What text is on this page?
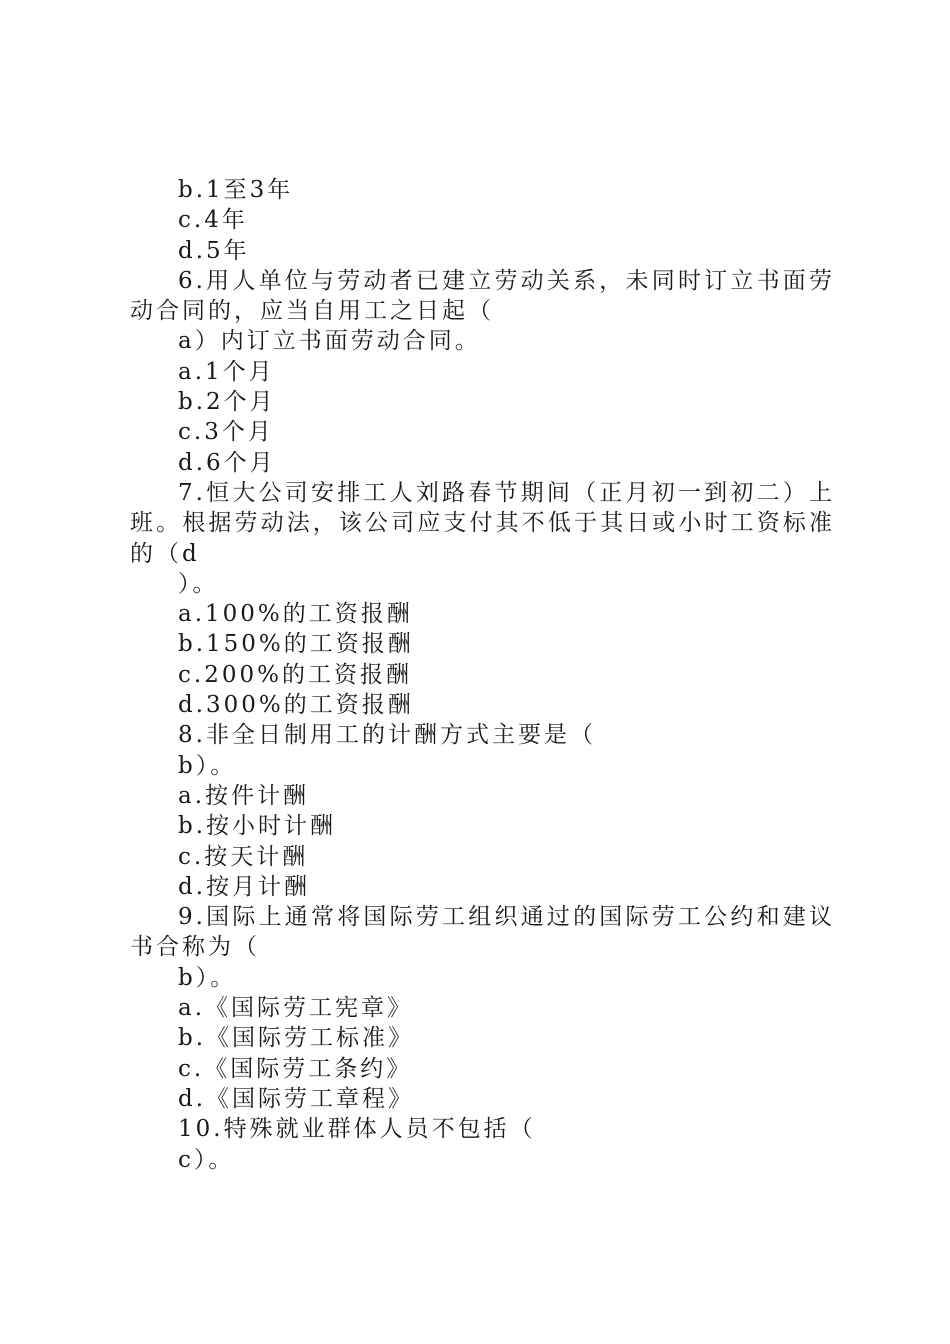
b.1至3年
c.4年
d.5年
6.用人单位与劳动者已建立劳动关系，未同时订立书面劳动合同的，应当自用工之日起（
a）内订立书面劳动合同。
a.1个月
b.2个月
c.3个月
d.6个月
7.恒大公司安排工人刘路春节期间（正月初一到初二）上班。根据劳动法，该公司应支付其不低于其日或小时工资标准的（d
）。
a.100%的工资报酬
b.150%的工资报酬
c.200%的工资报酬
d.300%的工资报酬
8.非全日制用工的计酬方式主要是（
b）。
a.按件计酬
b.按小时计酬
c.按天计酬
d.按月计酬
9.国际上通常将国际劳工组织通过的国际劳工公约和建议书合称为（
b）。
a.《国际劳工宪章》
b.《国际劳工标准》
c.《国际劳工条约》
d.《国际劳工章程》
10.特殊就业群体人员不包括（
c）。
